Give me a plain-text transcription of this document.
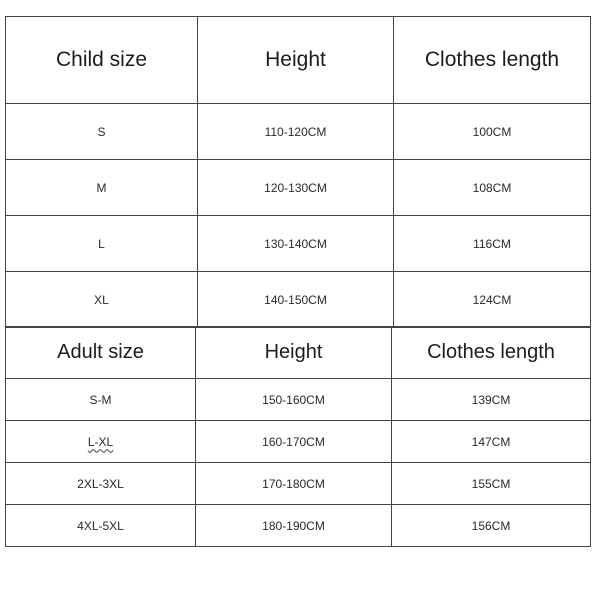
Child size	Height	Clothes length
S	110-120CM	100CM
M	120-130CM	108CM
L	130-140CM	116CM
XL	140-150CM	124CM
Adult size	Height	Clothes length
S-M	150-160CM	139CM
L-XL	160-170CM	147CM
2XL-3XL	170-180CM	155CM
4XL-5XL	180-190CM	156CM
